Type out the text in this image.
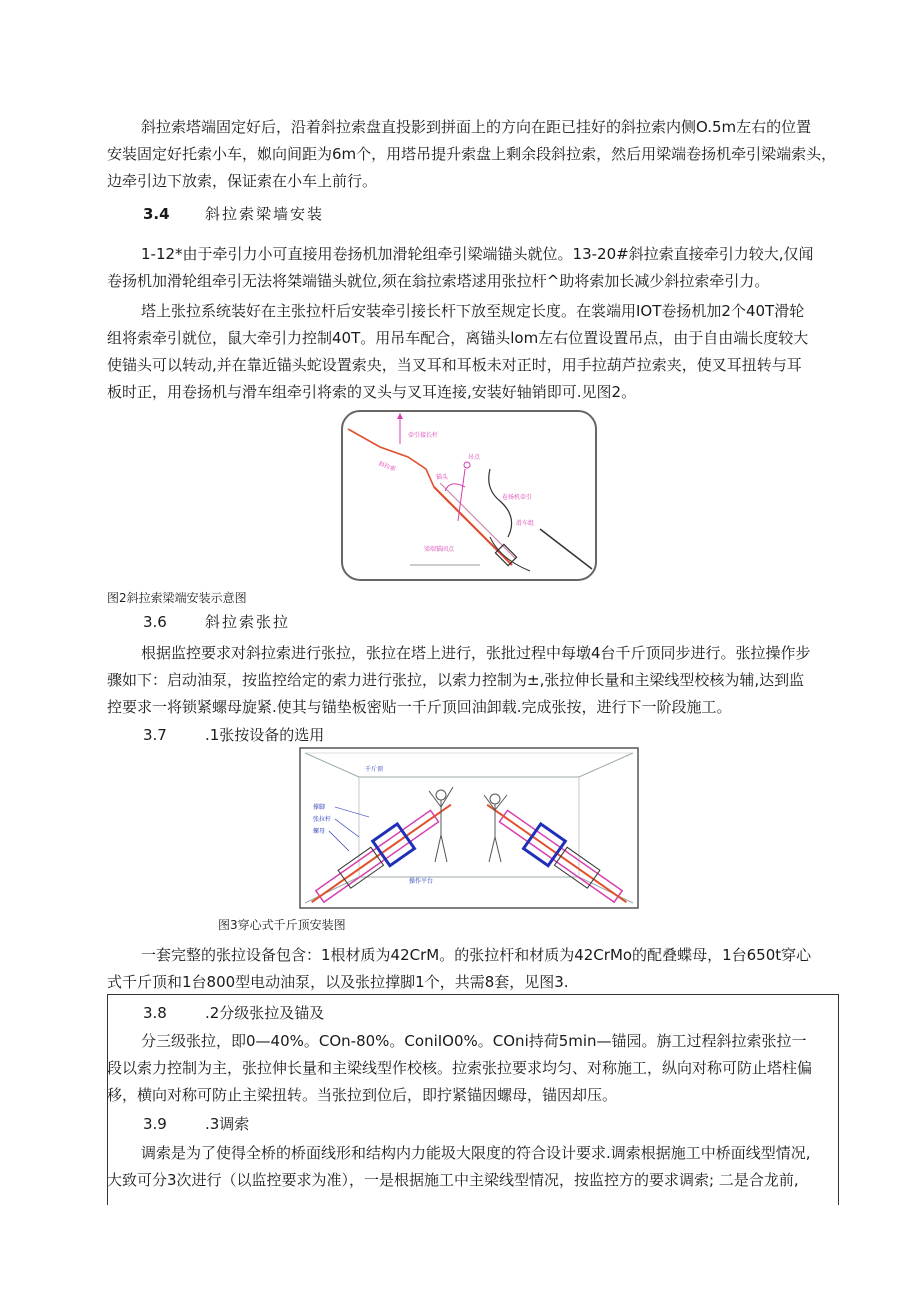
斜拉索塔端固定好后，沿着斜拉索盘直投影到拼面上的方向在距已挂好的斜拉索内侧O.5m左右的位置
安装固定好托索小车，娰向间距为6m个，用塔吊提升索盘上剩余段斜拉索，然后用梁端卷扬机牵引梁端索头，
边牵引边下放索，保证索在小车上前行。
3.4 斜拉索梁墙安装
1-12*由于牵引力小可直接用卷扬机加滑轮组牵引梁端锚头就位。13-20#斜拉索直接牵引力较大,仅闻
卷扬机加滑轮组牵引无法将桀端锚头就位,须在翁拉索塔逑用张拉杆^助将索加长减少斜拉索牵引力。
塔上张拉系统装好在主张拉杆后安装牵引接长杆下放至规定长度。在裳端用IOT卷扬机加2个40T滑轮
组将索牵引就位，鼠大牵引力控制40T。用吊车配合，离锚头lom左右位置设置吊点，由于自由端长度较大
使锚头可以转动,并在靠近锚头蛇设置索央，当叉耳和耳板未对正时，用手拉葫芦拉索夹，使叉耳扭转与耳
板时正，用卷扬机与滑车组牵引将索的叉头与叉耳连接,安装好轴销即可.见图2。
牵引接长杆
斜拉索
吊点
锚头
卷扬机牵引
滑车组
梁端锚固点
图2斜拉索梁端安装示意图
3.6	斜拉索张拉
根据监控要求对斜拉索进行张拉，张拉在塔上进行，张批过程中每墩4台千斤顶同步进行。张拉操作步
骤如下：启动油泵，按监控给定的索力进行张拉，以索力控制为±,张拉伸长量和主梁线型校核为辅,达到监
控要求一将锁紧螺母旋紧.使其与锚垫板密贴一千斤顶回油卸载.完成张按，进行下一阶段施工。
3.7	.1张按设备的选用
千斤顶
撑脚
张拉杆
螺母
操作平台
图3穿心式千斤顶安装图
一套完整的张拉设备包含：1根材质为42CrM。的张拉杆和材质为42CrMo的配叠蝶母，1台650t穿心
式千斤顶和1台800型电动油泵，以及张拉撑脚1个，共需8套，见图3.
3.8	.2分级张拉及锚及
分三级张拉，即0—40%。COn-80%。ConiIO0%。COni持荷5min—锚园。旃工过程斜拉索张拉一
段以索力控制为主，张拉伸长量和主梁线型作校核。拉索张拉要求均匀、对称施工，纵向对称可防止塔柱偏
移，横向对称可防止主梁扭转。当张拉到位后，即拧紧锚因螺母，锚因却压。
3.9	.3调索
调索是为了使得全桥的桥面线形和结构内力能圾大限度的符合设计要求.调索根据施工中桥面线型情况,
大致可分3次进行（以监控要求为准），一是根据施工中主梁线型情况，按监控方的要求调索; 二是合龙前,
